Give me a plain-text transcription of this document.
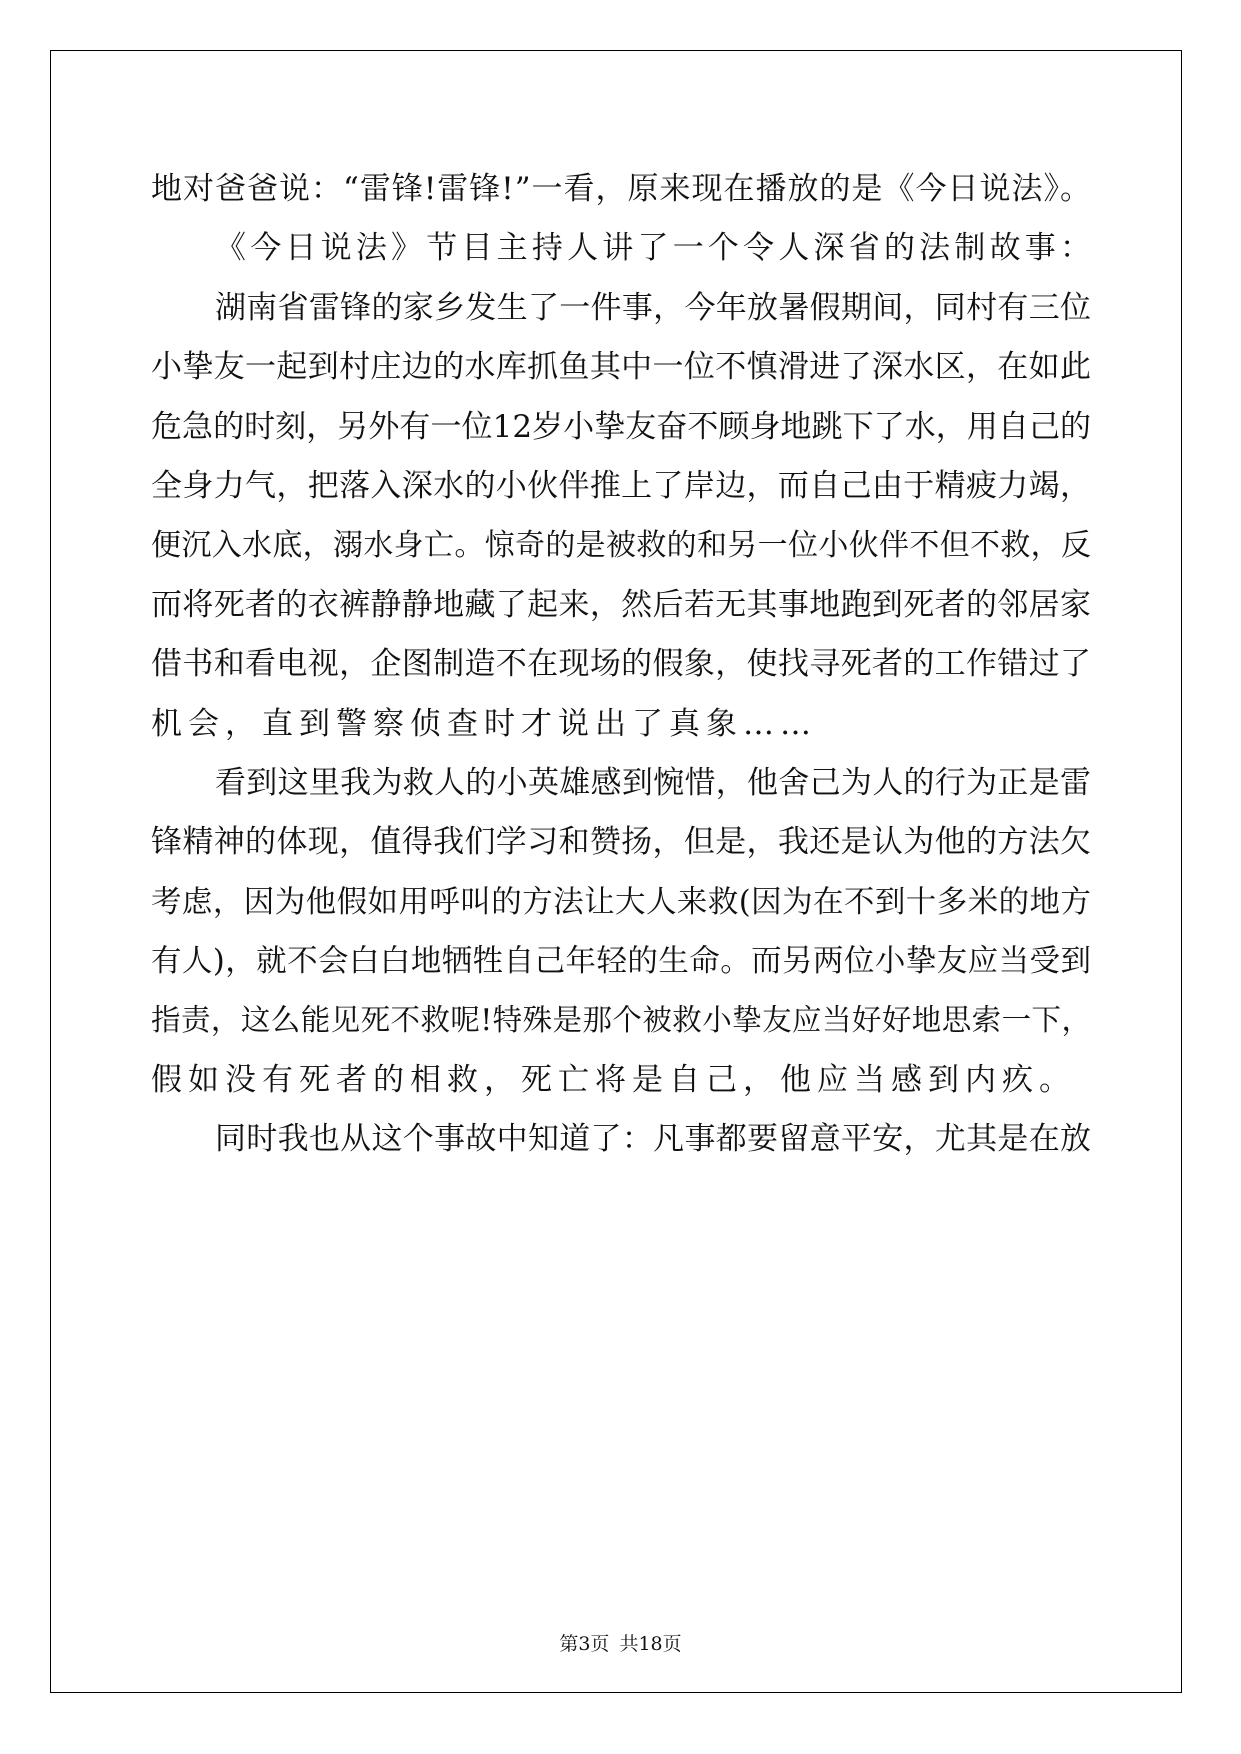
地对爸爸说：“雷锋!雷锋!”一看，原来现在播放的是《今日说法》。
《今日说法》节目主持人讲了一个令人深省的法制故事：
湖南省雷锋的家乡发生了一件事，今年放暑假期间，同村有三位
小挚友一起到村庄边的水库抓鱼其中一位不慎滑进了深水区，在如此
危急的时刻，另外有一位12岁小挚友奋不顾身地跳下了水，用自己的
全身力气，把落入深水的小伙伴推上了岸边，而自己由于精疲力竭，
便沉入水底，溺水身亡。惊奇的是被救的和另一位小伙伴不但不救，反
而将死者的衣裤静静地藏了起来，然后若无其事地跑到死者的邻居家
借书和看电视，企图制造不在现场的假象，使找寻死者的工作错过了
机会，直到警察侦查时才说出了真象……
看到这里我为救人的小英雄感到惋惜，他舍己为人的行为正是雷
锋精神的体现，值得我们学习和赞扬，但是，我还是认为他的方法欠
考虑，因为他假如用呼叫的方法让大人来救(因为在不到十多米的地方
有人)，就不会白白地牺牲自己年轻的生命。而另两位小挚友应当受到
指责，这么能见死不救呢!特殊是那个被救小挚友应当好好地思索一下，
假如没有死者的相救，死亡将是自己，他应当感到内疚。
同时我也从这个事故中知道了：凡事都要留意平安，尤其是在放
第3页 共18页
